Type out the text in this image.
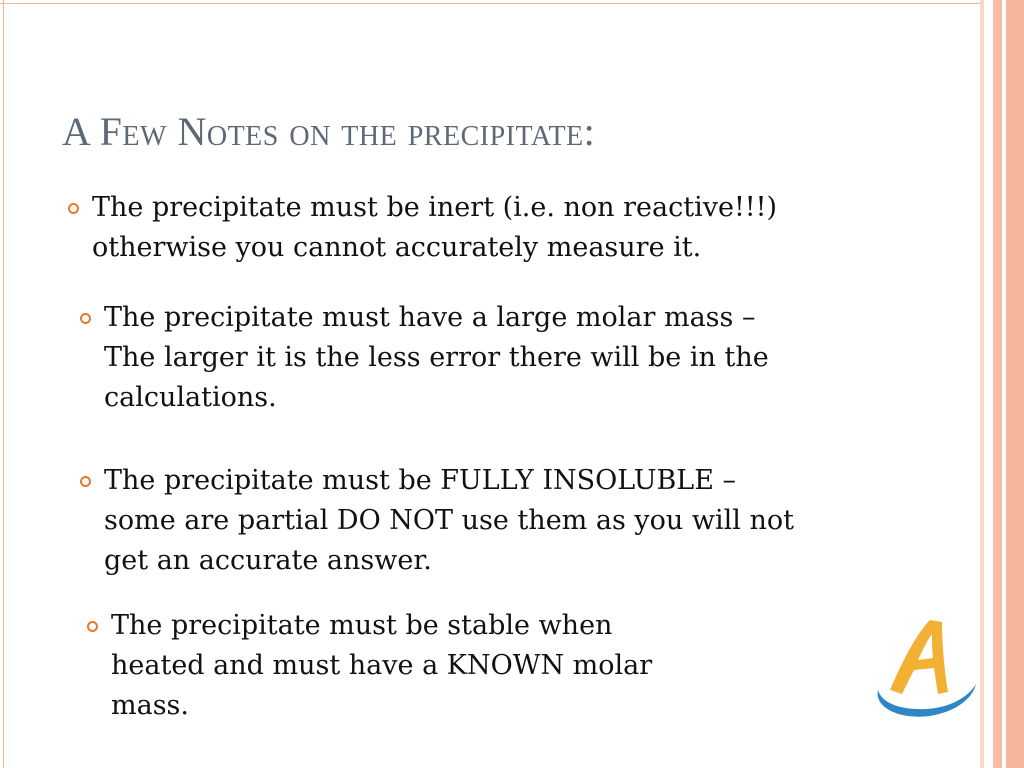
A Few Notes on the precipitate:
The precipitate must be inert (i.e. non reactive!!!)
otherwise you cannot accurately measure it.
The precipitate must have a large molar mass –
The larger it is the less error there will be in the
calculations.
The precipitate must be FULLY INSOLUBLE –
some are partial DO NOT use them as you will not
get an accurate answer.
The precipitate must be stable when
heated and must have a KNOWN molar
mass.
